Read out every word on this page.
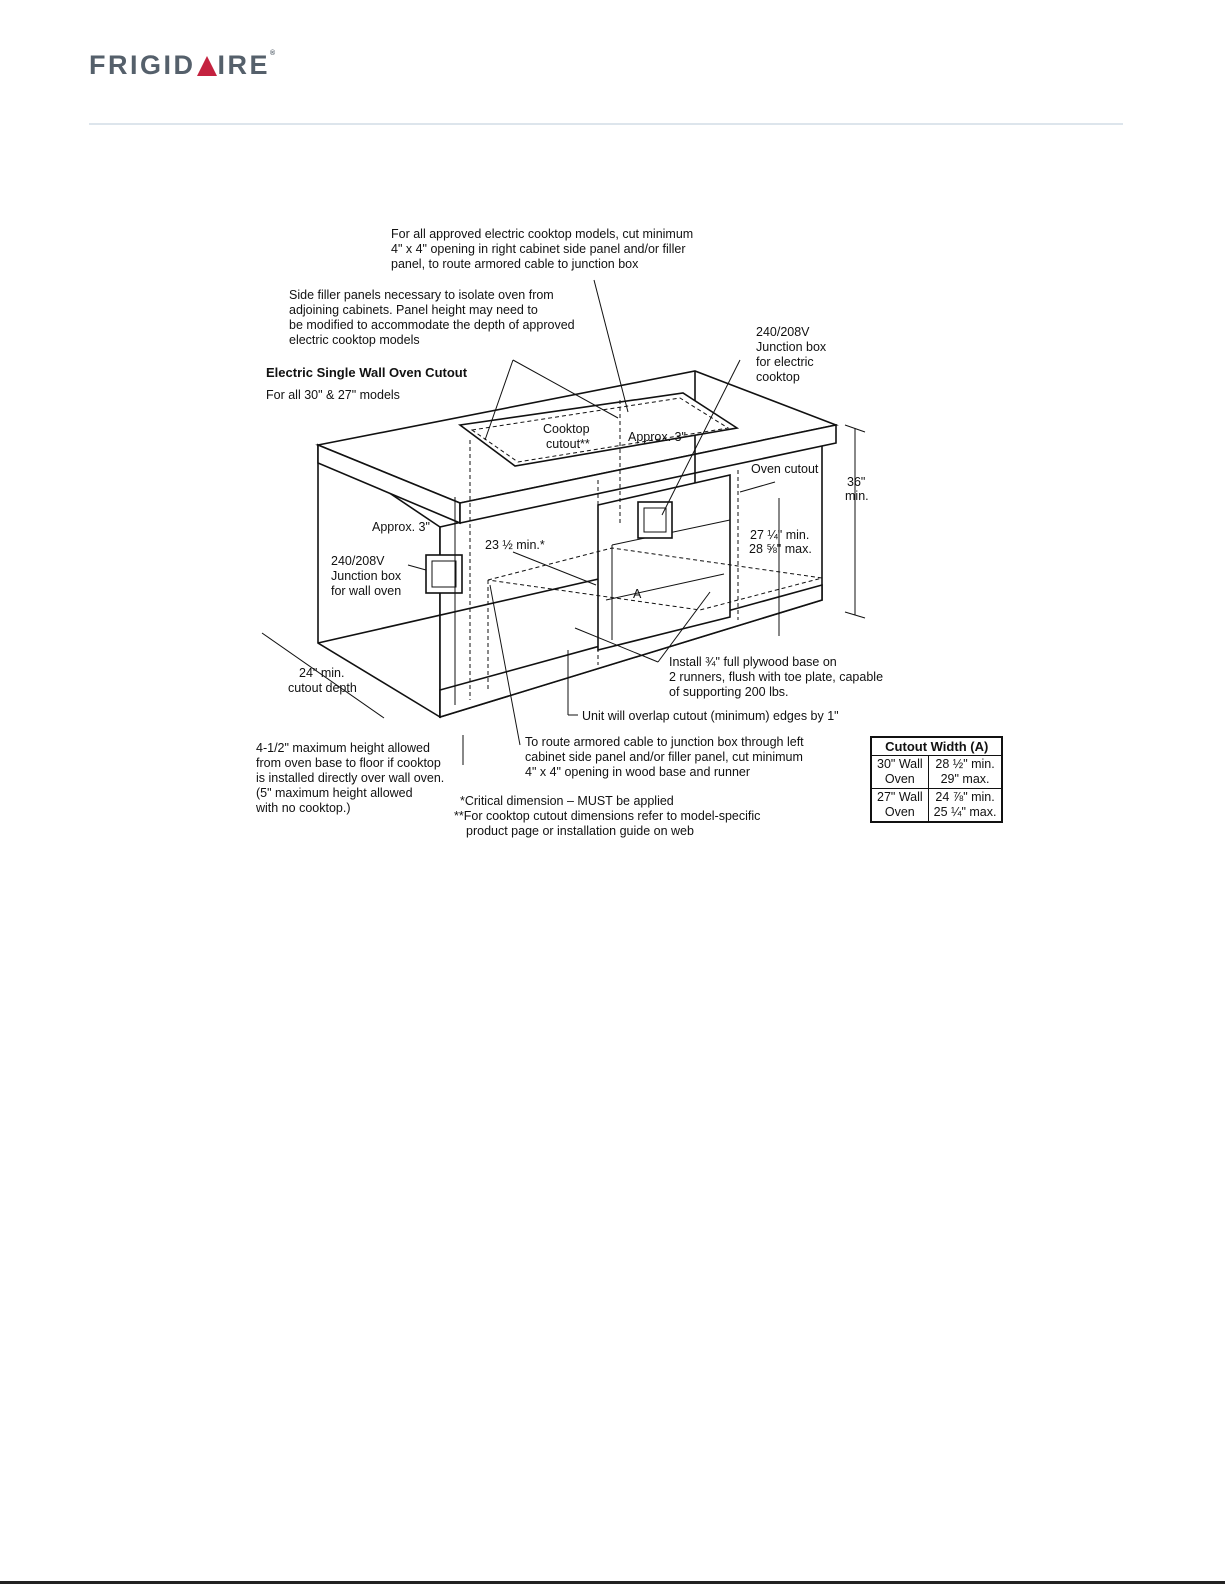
FRIGID IRE®
For all approved electric cooktop models, cut minimum
4" x 4" opening in right cabinet side panel and/or filler
panel, to route armored cable to junction box
Side filler panels necessary to isolate oven from
adjoining cabinets. Panel height may need to
be modified to accommodate the depth of approved
electric cooktop models
240/208V
Junction box
for electric
cooktop
Electric Single Wall Oven Cutout
For all 30" & 27" models
Cooktop
cutout**	Approx. 3"
Oven cutout
36"
min.
Approx. 3"
23 ½ min.*
27 ¼" min.
28 ⅝" max.
240/208V
Junction box
for wall oven	A
24" min.
cutout depth
Install ¾" full plywood base on
2 runners, flush with toe plate, capable
of supporting 200 lbs.
Unit will overlap cutout (minimum) edges by 1"
4-1/2" maximum height allowed
from oven base to floor if cooktop
is installed directly over wall oven.
(5" maximum height allowed
with no cooktop.)
To route armored cable to junction box through left
cabinet side panel and/or filler panel, cut minimum
4" x 4" opening in wood base and runner
*Critical dimension – MUST be applied
**For cooktop cutout dimensions refer to model-specific
product page or installation guide on web
Cutout Width (A)	
30" Wall
Oven	28 ½" min.
29" max.
27" Wall
Oven	24 ⅞" min.
25 ¼" max.
